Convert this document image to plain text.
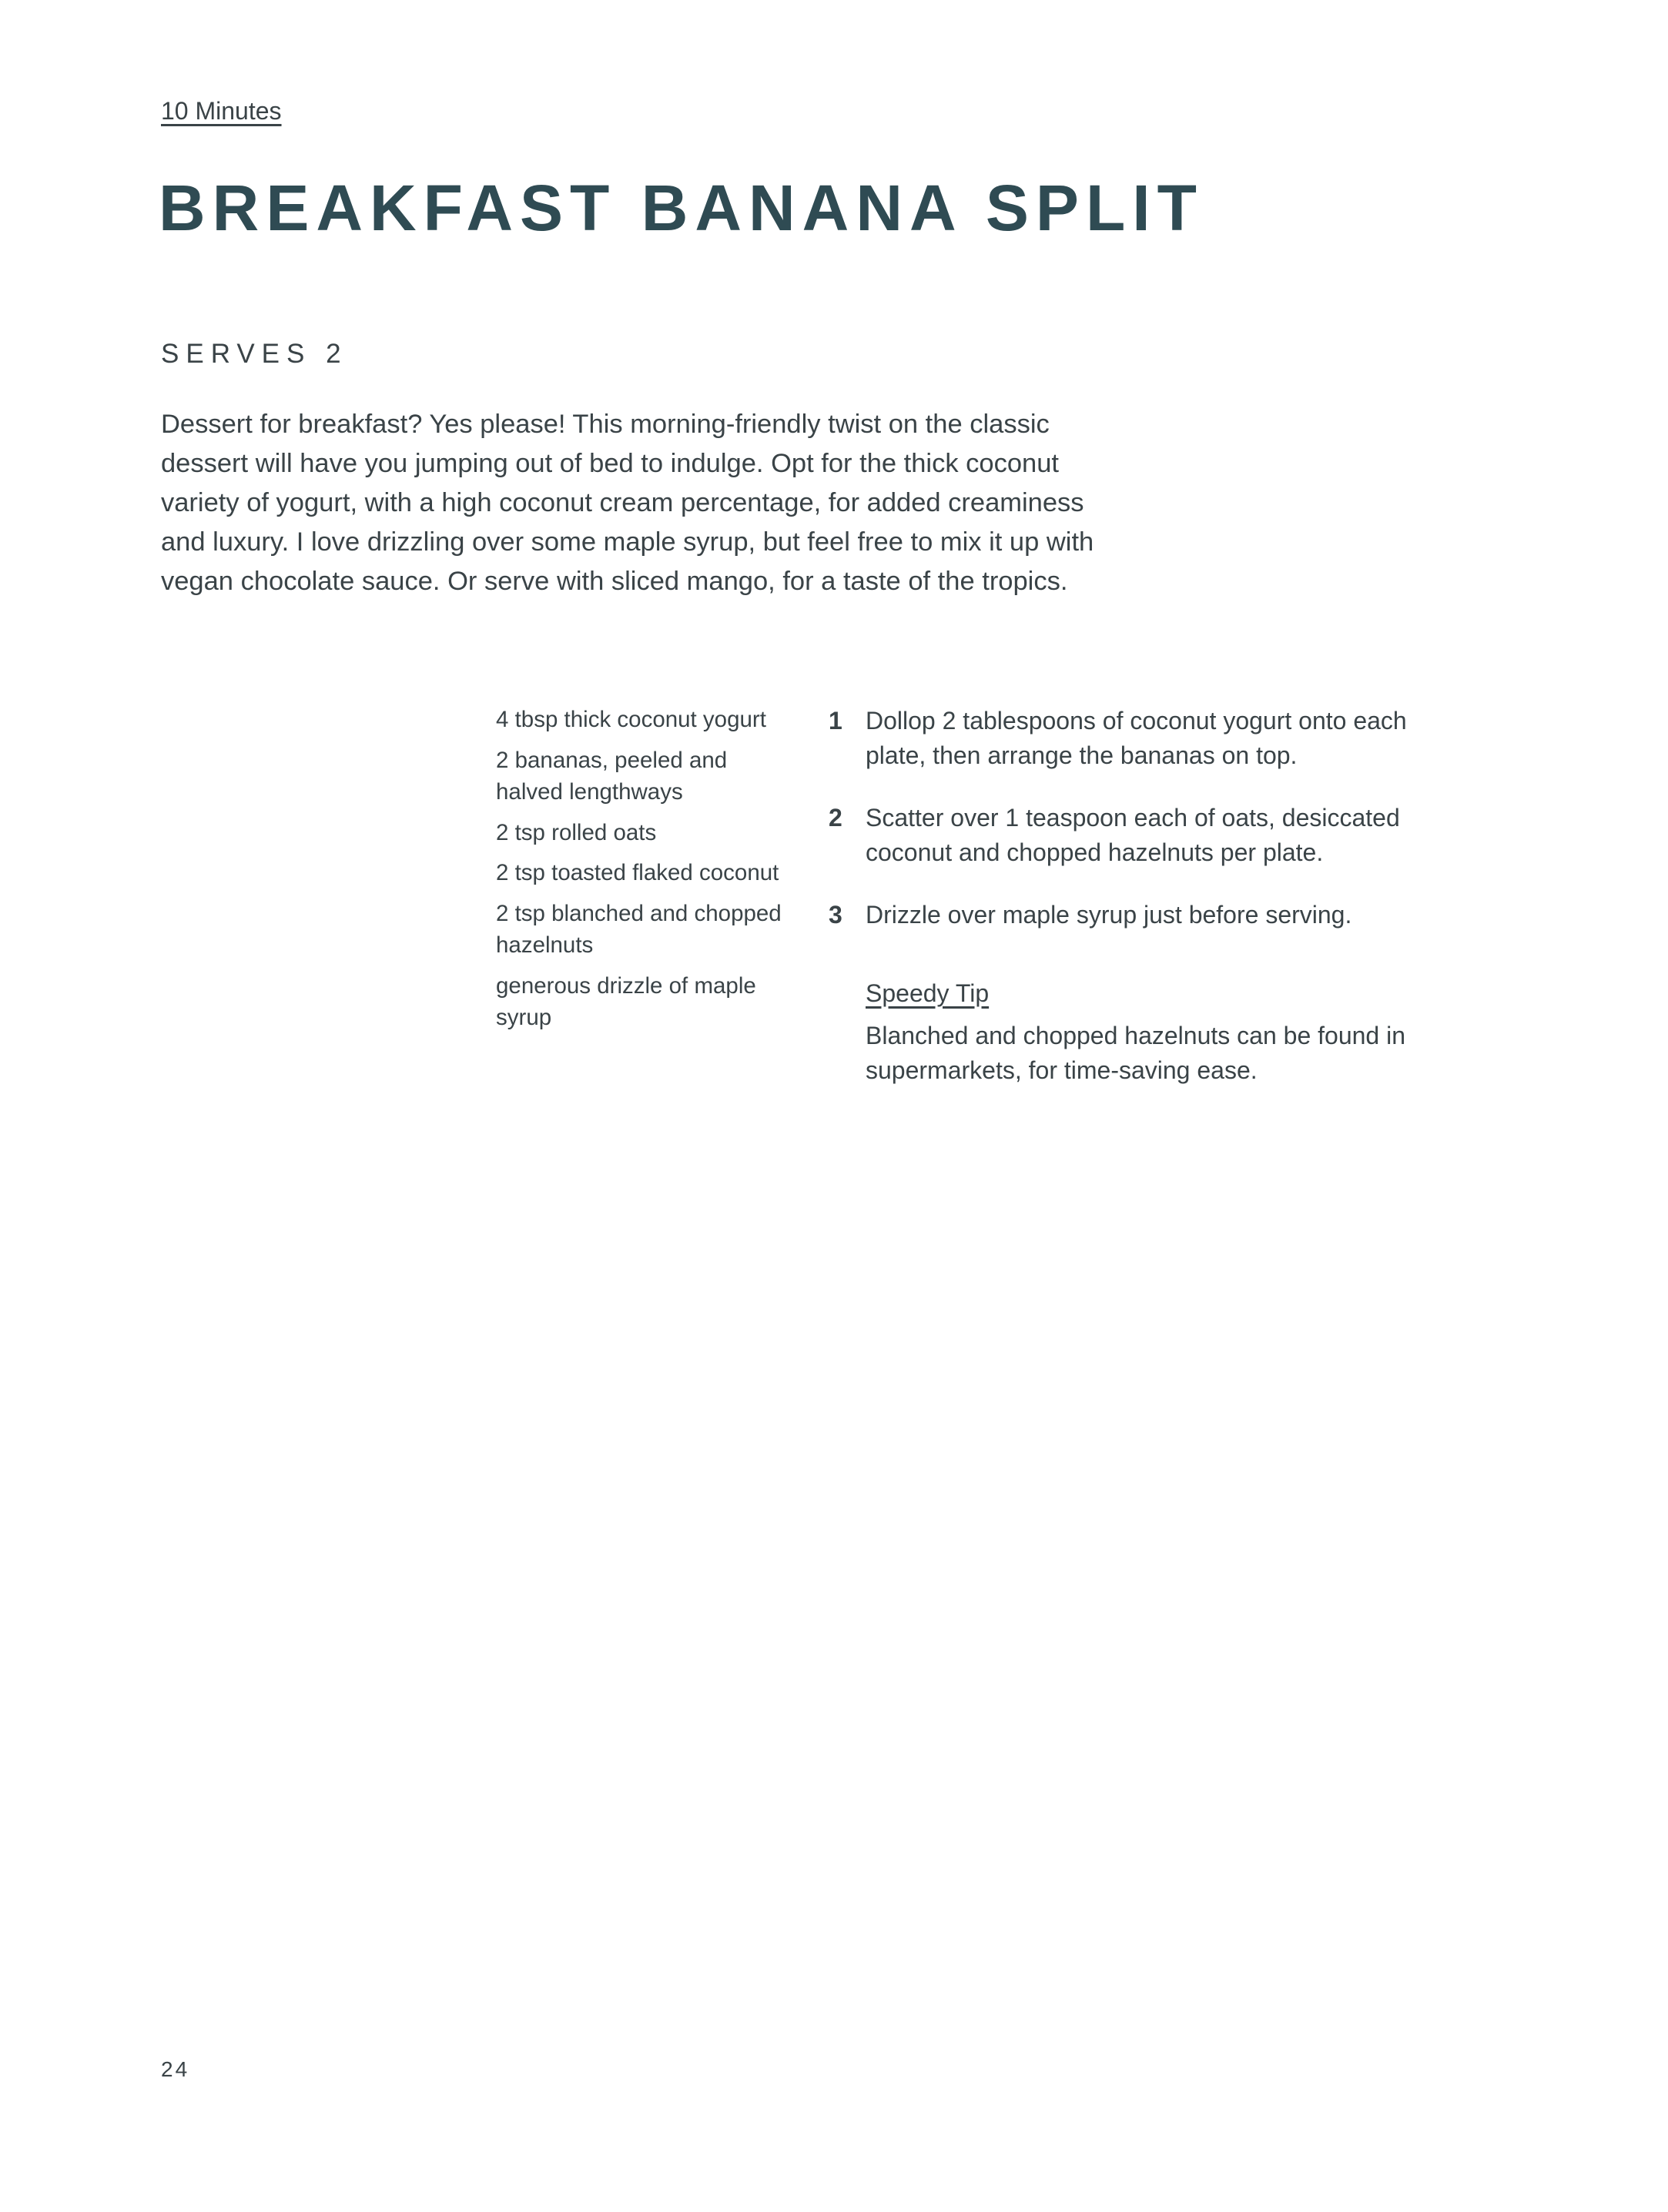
10 Minutes
BREAKFAST BANANA SPLIT
SERVES 2

Dessert for breakfast? Yes please! This morning-friendly twist on the classic dessert will have you jumping out of bed to indulge. Opt for the thick coconut variety of yogurt, with a high coconut cream percentage, for added creaminess and luxury. I love drizzling over some maple syrup, but feel free to mix it up with vegan chocolate sauce. Or serve with sliced mango, for a taste of the tropics.

4 tbsp thick coconut yogurt
2 bananas, peeled and halved lengthways
2 tsp rolled oats
2 tsp toasted flaked coconut
2 tsp blanched and chopped hazelnuts
generous drizzle of maple syrup
1 Dollop 2 tablespoons of coconut yogurt onto each plate, then arrange the bananas on top.
2 Scatter over 1 teaspoon each of oats, desiccated coconut and chopped hazelnuts per plate.
3 Drizzle over maple syrup just before serving.
Speedy Tip
Blanched and chopped hazelnuts can be found in supermarkets, for time-saving ease.
24
